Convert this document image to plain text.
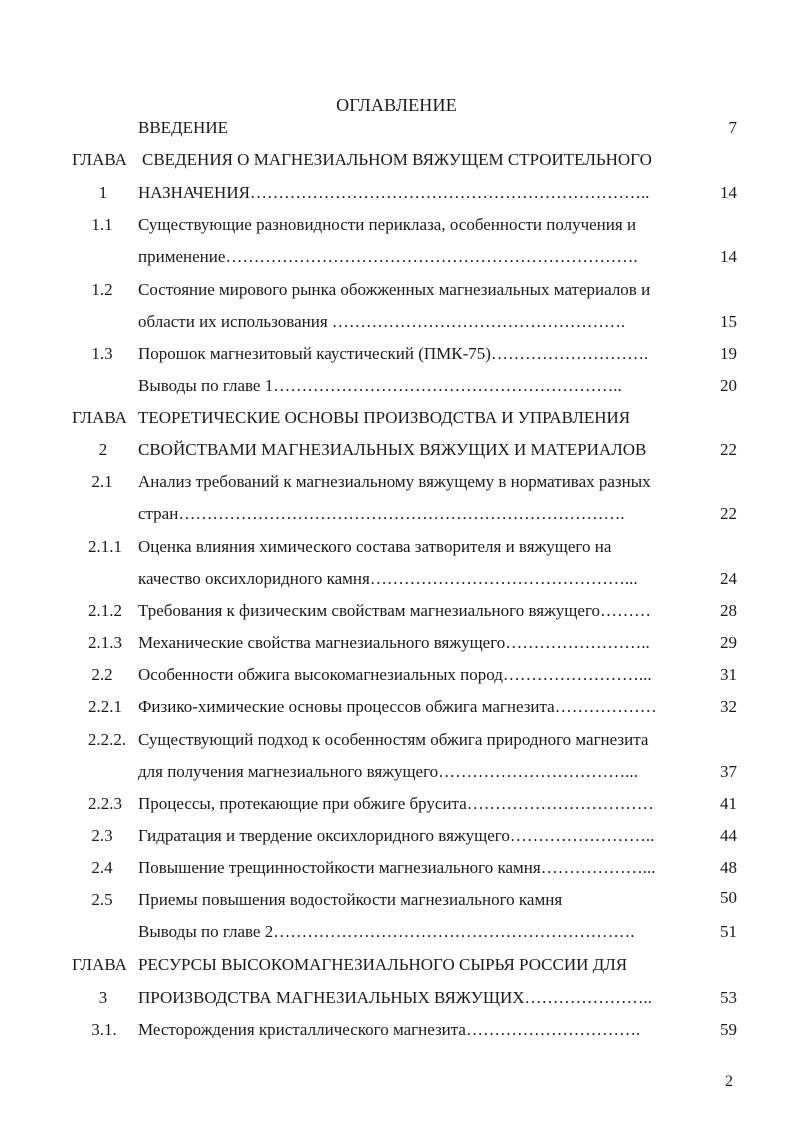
ОГЛАВЛЕНИЕ
ВВЕДЕНИЕ	7
ГЛАВА СВЕДЕНИЯ О МАГНЕЗИАЛЬНОМ ВЯЖУЩЕМ СТРОИТЕЛЬНОГО
1	НАЗНАЧЕНИЯ……………………………………………………………..	14
1.1	Существующие разновидности периклаза, особенности получения и
применение……………………………………………………………….	14
1.2	Состояние мирового рынка обожженных магнезиальных материалов и
области их использования …………………………………………….	15
1.3	Порошок магнезитовый каустический (ПМК-75)……………………….	19
Выводы по главе 1……………………………………………………..	20
ГЛАВА ТЕОРЕТИЧЕСКИЕ ОСНОВЫ ПРОИЗВОДСТВА И УПРАВЛЕНИЯ
2	СВОЙСТВАМИ МАГНЕЗИАЛЬНЫХ ВЯЖУЩИХ И МАТЕРИАЛОВ	22
2.1	Анализ требований к магнезиальному вяжущему в нормативах разных
стран…………………………………………………………………….	22
2.1.1 Оценка влияния химического состава затворителя и вяжущего на
качество оксихлоридного камня………………………………………...	24
2.1.2 Требования к физическим свойствам магнезиального вяжущего………	28
2.1.3 Механические свойства магнезиального вяжущего……………………..	29
2.2	Особенности обжига высокомагнезиальных пород……………………...	31
2.2.1 Физико-химические основы процессов обжига магнезита………………	32
2.2.2. Существующий подход к особенностям обжига природного магнезита
для получения магнезиального вяжущего……………………………...	37
2.2.3 Процессы, протекающие при обжиге брусита……………………………	41
2.3	Гидратация и твердение оксихлоридного вяжущего……………………..	44
2.4	Повышение трещинностойкости магнезиального камня………………...	48
2.5	Приемы повышения водостойкости магнезиального камня	50
Выводы по главе 2……………………………………………………….	51
ГЛАВА РЕСУРСЫ ВЫСОКОМАГНЕЗИАЛЬНОГО СЫРЬЯ РОССИИ ДЛЯ
3	ПРОИЗВОДСТВА МАГНЕЗИАЛЬНЫХ ВЯЖУЩИХ…………………..	53
3.1.	Месторождения кристаллического магнезита………………………….	59
2
